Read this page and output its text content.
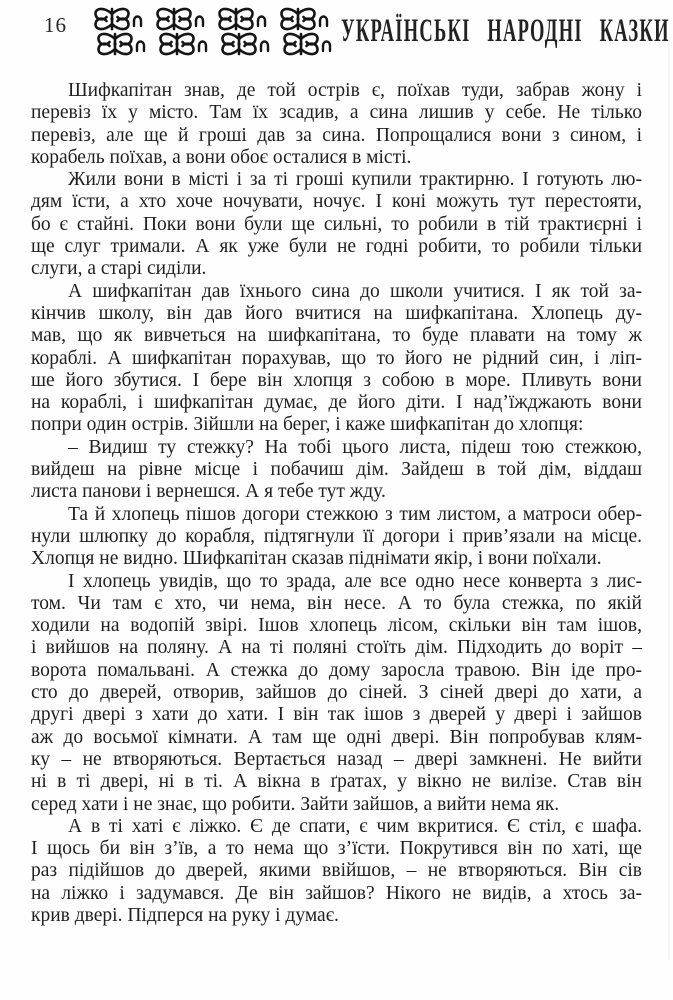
16	УКРАЇНСЬКІ НАРОДНІ КАЗКИ
Шифкапітан знав, де той острів є, поїхав туди, забрав жону і
перевіз їх у місто. Там їх зсадив, а сина лишив у себе. Не тілько
перевіз, але ще й гроші дав за сина. Попрощалися вони з сином, і
корабель поїхав, а вони обоє осталися в місті.
Жили вони в місті і за ті гроші купили трактирню. І готують лю-
дям їсти, а хто хоче ночувати, ночує. І коні можуть тут перестояти,
бо є стайні. Поки вони були ще сильні, то робили в тій трактиєрні і
ще слуг тримали. А як уже були не годні робити, то робили тільки
слуги, а старі сиділи.
А шифкапітан дав їхнього сина до школи учитися. І як той за-
кінчив школу, він дав його вчитися на шифкапітана. Хлопець ду-
мав, що як вивчеться на шифкапітана, то буде плавати на тому ж
кораблі. А шифкапітан порахував, що то його не рідний син, і ліп-
ше його збутися. І бере він хлопця з собою в море. Пливуть вони
на кораблі, і шифкапітан думає, де його діти. І над’їжджають вони
попри один острів. Зійшли на берег, і каже шифкапітан до хлопця:
– Видиш ту стежку? На тобі цього листа, підеш тою стежкою,
вийдеш на рівне місце і побачиш дім. Зайдеш в той дім, віддаш
листа панови і вернешся. А я тебе тут жду.
Та й хлопець пішов догори стежкою з тим листом, а матроси обер-
нули шлюпку до корабля, підтягнули її догори і прив’язали на місце.
Хлопця не видно. Шифкапітан сказав піднімати якір, і вони поїхали.
І хлопець увидів, що то зрада, але все одно несе конверта з лис-
том. Чи там є хто, чи нема, він несе. А то була стежка, по якій
ходили на водопій звірі. Ішов хлопець лісом, скільки він там ішов,
і вийшов на поляну. А на ті поляні стоїть дім. Підходить до воріт –
ворота помальвані. А стежка до дому заросла травою. Він іде про-
сто до дверей, отворив, зайшов до сіней. З сіней двері до хати, а
другі двері з хати до хати. І він так ішов з дверей у двері і зайшов
аж до восьмої кімнати. А там ще одні двері. Він попробував клям-
ку – не втворяються. Вертається назад – двері замкнені. Не вийти
ні в ті двері, ні в ті. А вікна в ґратах, у вікно не вилізе. Став він
серед хати і не знає, що робити. Зайти зайшов, а вийти нема як.
А в ті хаті є ліжко. Є де спати, є чим вкритися. Є стіл, є шафа.
І щось би він з’їв, а то нема що з’їсти. Покрутився він по хаті, ще
раз підійшов до дверей, якими ввійшов, – не втворяються. Він сів
на ліжко і задумався. Де він зайшов? Нікого не видів, а хтось за-
крив двері. Підперся на руку і думає.
